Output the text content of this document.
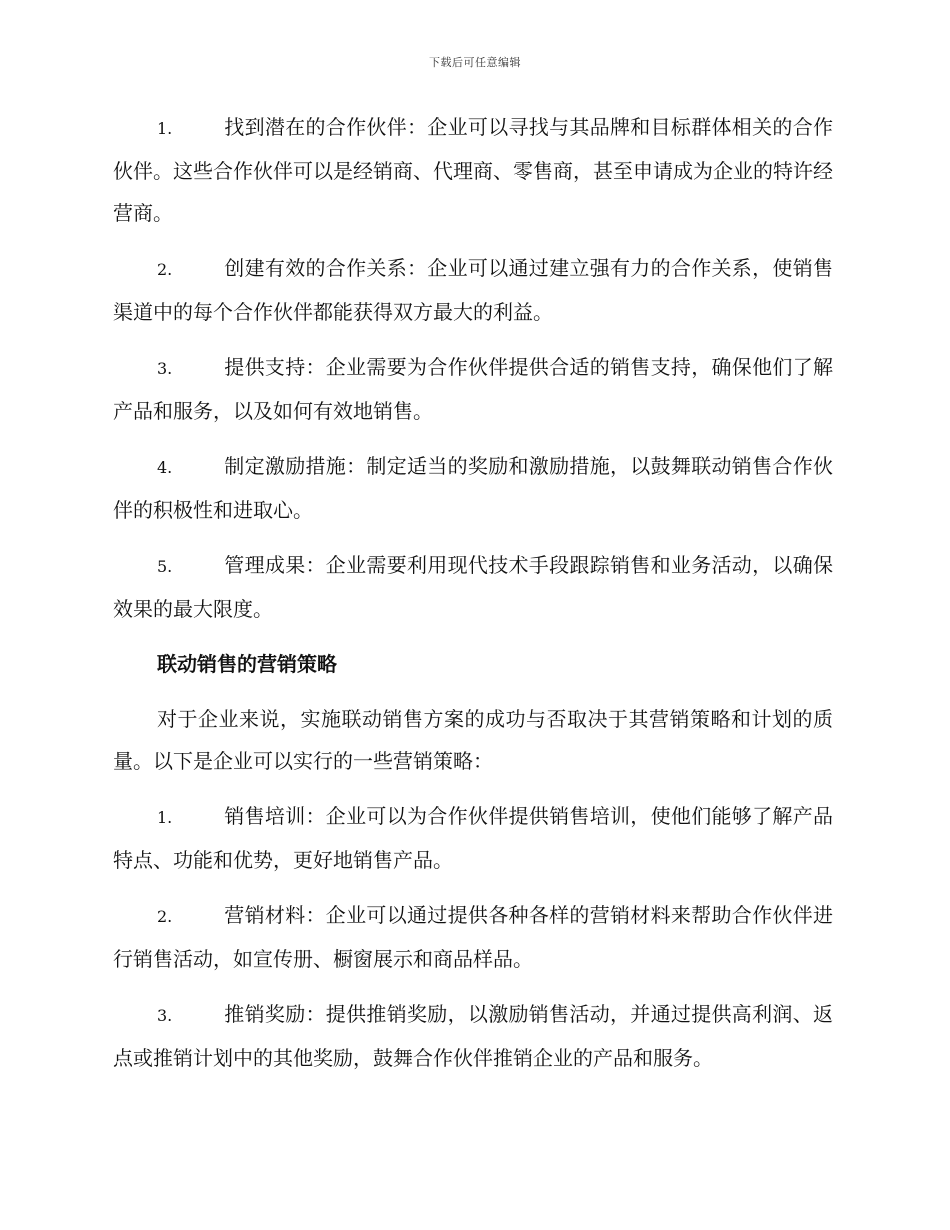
下载后可任意编辑

1.	找到潜在的合作伙伴：企业可以寻找与其品牌和目标群体相关的合作伙伴。这些合作伙伴可以是经销商、代理商、零售商，甚至申请成为企业的特许经营商。

2.	创建有效的合作关系：企业可以通过建立强有力的合作关系，使销售渠道中的每个合作伙伴都能获得双方最大的利益。

3.	提供支持：企业需要为合作伙伴提供合适的销售支持，确保他们了解产品和服务，以及如何有效地销售。

4.	制定激励措施：制定适当的奖励和激励措施，以鼓舞联动销售合作伙伴的积极性和进取心。

5.	管理成果：企业需要利用现代技术手段跟踪销售和业务活动，以确保效果的最大限度。

联动销售的营销策略

对于企业来说，实施联动销售方案的成功与否取决于其营销策略和计划的质量。以下是企业可以实行的一些营销策略：

1.	销售培训：企业可以为合作伙伴提供销售培训，使他们能够了解产品特点、功能和优势，更好地销售产品。

2.	营销材料：企业可以通过提供各种各样的营销材料来帮助合作伙伴进行销售活动，如宣传册、橱窗展示和商品样品。

3.	推销奖励：提供推销奖励，以激励销售活动，并通过提供高利润、返点或推销计划中的其他奖励，鼓舞合作伙伴推销企业的产品和服务。
